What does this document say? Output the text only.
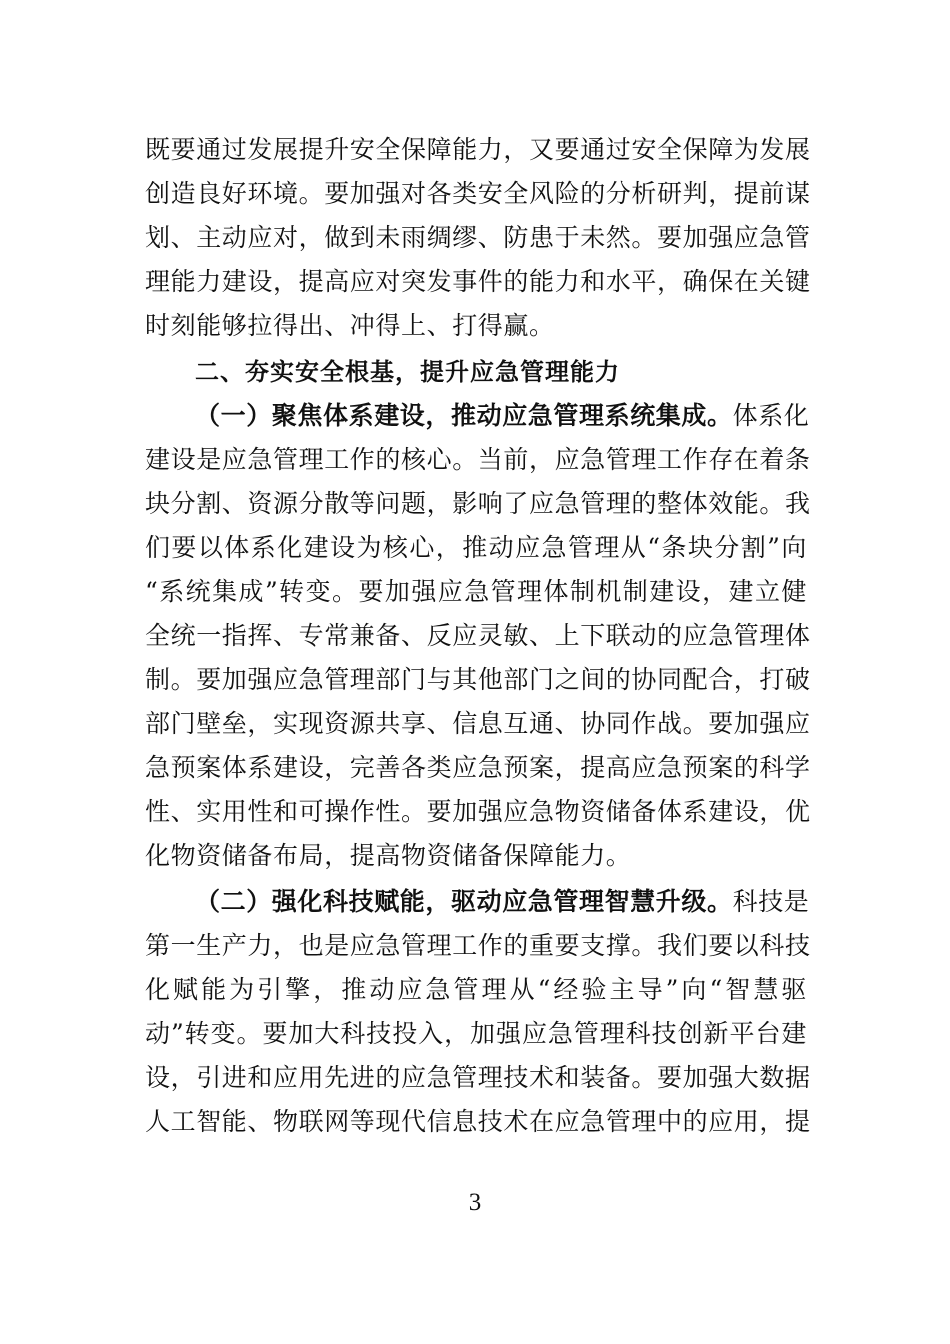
既要通过发展提升安全保障能力，又要通过安全保障为发展
创造良好环境。要加强对各类安全风险的分析研判，提前谋
划、主动应对，做到未雨绸缪、防患于未然。要加强应急管
理能力建设，提高应对突发事件的能力和水平，确保在关键
时刻能够拉得出、冲得上、打得赢。
二、夯实安全根基，提升应急管理能力
（一）聚焦体系建设，推动应急管理系统集成。体系化
建设是应急管理工作的核心。当前，应急管理工作存在着条
块分割、资源分散等问题，影响了应急管理的整体效能。我
们要以体系化建设为核心，推动应急管理从“条块分割”向
“系统集成”转变。要加强应急管理体制机制建设，建立健
全统一指挥、专常兼备、反应灵敏、上下联动的应急管理体
制。要加强应急管理部门与其他部门之间的协同配合，打破
部门壁垒，实现资源共享、信息互通、协同作战。要加强应
急预案体系建设，完善各类应急预案，提高应急预案的科学
性、实用性和可操作性。要加强应急物资储备体系建设，优
化物资储备布局，提高物资储备保障能力。
（二）强化科技赋能，驱动应急管理智慧升级。科技是
第一生产力，也是应急管理工作的重要支撑。我们要以科技
化赋能为引擎，推动应急管理从“经验主导”向“智慧驱
动”转变。要加大科技投入，加强应急管理科技创新平台建
设，引进和应用先进的应急管理技术和装备。要加强大数据
人工智能、物联网等现代信息技术在应急管理中的应用，提
3
